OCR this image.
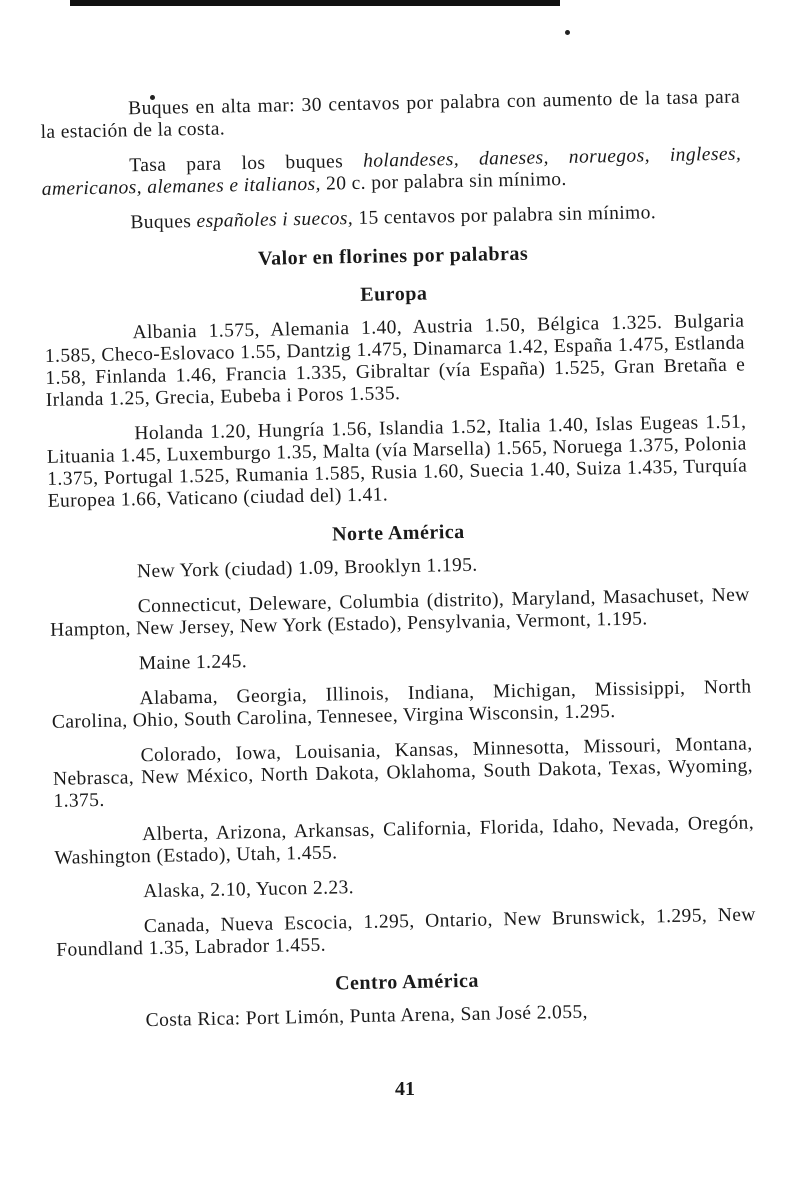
Buques en alta mar: 30 centavos por palabra con aumento de la tasa para la estación de la costa.

Tasa para los buques holandeses, daneses, noruegos, ingleses, americanos, alemanes e italianos, 20 c. por palabra sin mínimo.

Buques españoles i suecos, 15 centavos por palabra sin mínimo.

Valor en florines por palabras
Europa

Albania 1.575, Alemania 1.40, Austria 1.50, Bélgica 1.325. Bulgaria 1.585, Checo-Eslovaco 1.55, Dantzig 1.475, Dinamarca 1.42, España 1.475, Estlanda 1.58, Finlanda 1.46, Francia 1.335, Gibraltar (vía España) 1.525, Gran Bretaña e Irlanda 1.25, Grecia, Eubeba i Poros 1.535.

Holanda 1.20, Hungría 1.56, Islandia 1.52, Italia 1.40, Islas Eugeas 1.51, Lituania 1.45, Luxemburgo 1.35, Malta (vía Marsella) 1.565, Noruega 1.375, Polonia 1.375, Portugal 1.525, Rumania 1.585, Rusia 1.60, Suecia 1.40, Suiza 1.435, Turquía Europea 1.66, Vaticano (ciudad del) 1.41.

Norte América

New York (ciudad) 1.09, Brooklyn 1.195.

Connecticut, Deleware, Columbia (distrito), Maryland, Masachuset, New Hampton, New Jersey, New York (Estado), Pensylvania, Vermont, 1.195.

Maine 1.245.

Alabama, Georgia, Illinois, Indiana, Michigan, Missisippi, North Carolina, Ohio, South Carolina, Tennesee, Virgina Wisconsin, 1.295.

Colorado, Iowa, Louisania, Kansas, Minnesotta, Missouri, Montana, Nebrasca, New México, North Dakota, Oklahoma, South Dakota, Texas, Wyoming, 1.375.

Alberta, Arizona, Arkansas, California, Florida, Idaho, Nevada, Oregón, Washington (Estado), Utah, 1.455.

Alaska, 2.10, Yucon 2.23.

Canada, Nueva Escocia, 1.295, Ontario, New Brunswick, 1.295, New Foundland 1.35, Labrador 1.455.

Centro América

Costa Rica: Port Limón, Punta Arena, San José 2.055,

41
